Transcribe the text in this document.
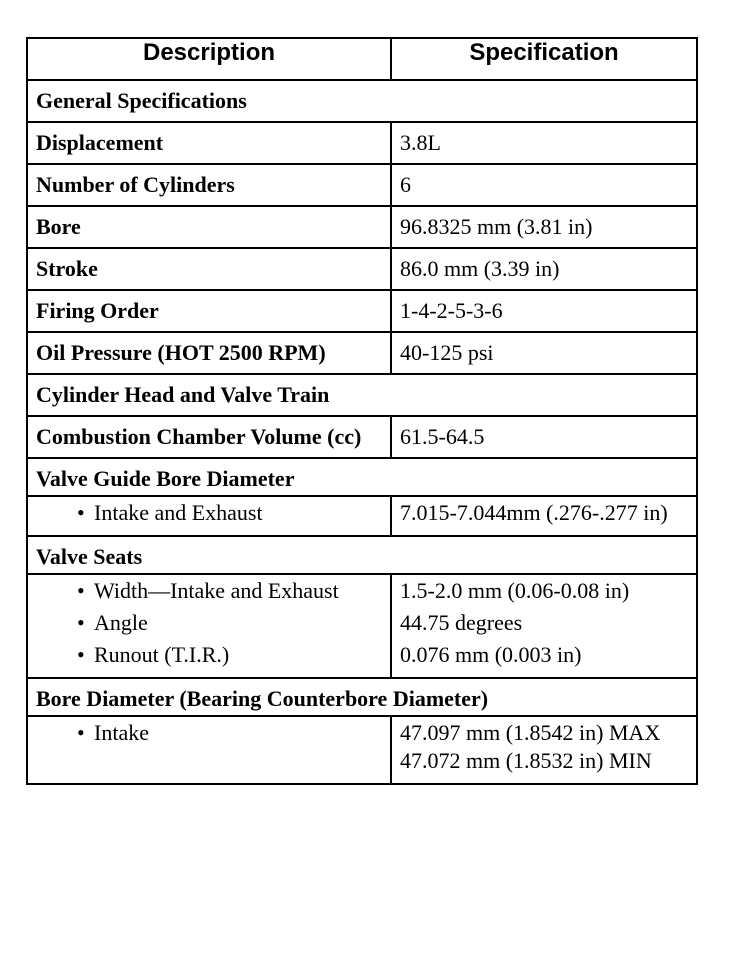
Description	Specification
General Specifications	
Displacement	3.8L
Number of Cylinders	6
Bore	96.8325 mm (3.81 in)
Stroke	86.0 mm (3.39 in)
Firing Order	1-4-2-5-3-6
Oil Pressure (HOT 2500 RPM)	40-125 psi
Cylinder Head and Valve Train	
Combustion Chamber Volume (cc)	61.5-64.5
Valve Guide Bore Diameter	
• Intake and Exhaust	7.015-7.044mm (.276-.277 in)
Valve Seats	
• Width—Intake and Exhaust	1.5-2.0 mm (0.06-0.08 in)
• Angle	44.75 degrees
• Runout (T.I.R.)	0.076 mm (0.003 in)
Bore Diameter (Bearing Counterbore Diameter)	
• Intake	47.097 mm (1.8542 in) MAX 47.072 mm (1.8532 in) MIN
